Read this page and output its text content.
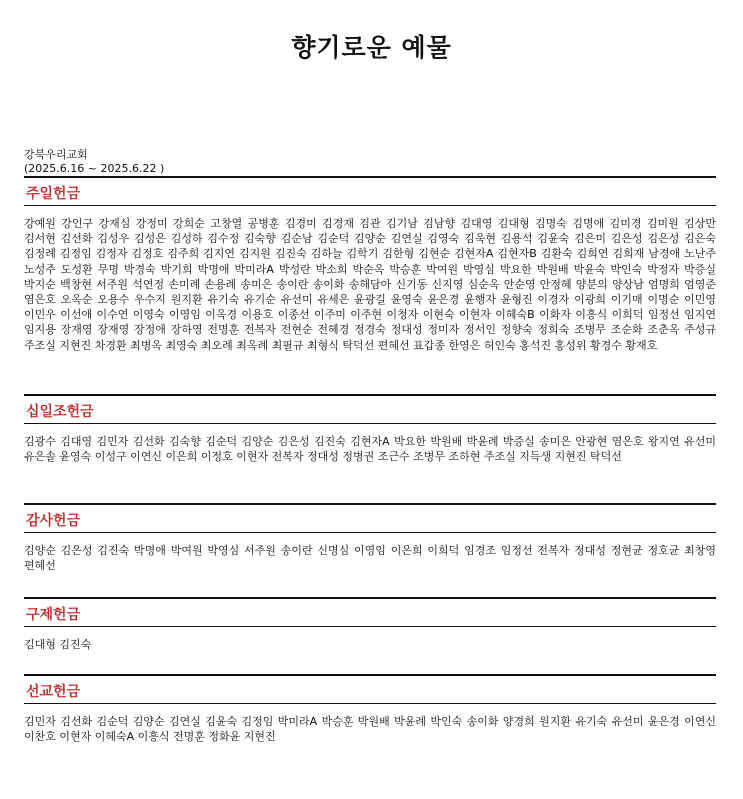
향기로운 예물
강북우리교회
(2025.6.16 ~ 2025.6.22 )
주일헌금
강예원 강인구 강재심 강정미 강희순 고창열 공병훈 김경미 김경재 김관 김기남 김남향 김대영 김대형 김명숙 김명애 김미경 김미원 김상만 김서현 김선화 김성우 김성은 김성하 김수정 김숙향 김순남 김순덕 김양순 김연실 김영숙 김욱현 김용석 김윤숙 김은미 김은성 김은성 김은숙 김정례 김정임 김정자 김정호 김주희 김지연 김지원 김진숙 김하늘 김학기 김한형 김현순 김현자A 김현자B 김환숙 김희연 김희재 남경애 노난주 노성주 도성환 무명 박경숙 박기희 박명애 박미라A 박성란 박소희 박순옥 박승훈 박여원 박영심 박요한 박원배 박윤숙 박인숙 박정자 박증실 박지순 백창현 서주원 석연정 손미례 손용례 송미은 송이란 송이화 송해담아 신기동 신지영 심순옥 안순영 안정혜 양분의 양상남 엄명희 엄영준 염은호 오옥순 오용수 우수지 원지환 유기숙 유기순 유선미 유세은 윤광길 윤영숙 윤은경 윤행자 윤형진 이경자 이광희 이기매 이명순 이민영 이민우 이선애 이수연 이영숙 이영임 이옥경 이용호 이종선 이주미 이주현 이청자 이현숙 이현자 이혜숙B 이화자 이흥식 이희덕 임정선 임지연 임지용 장재영 장재영 장정애 장하영 전명훈 전복자 전현순 전혜경 정경숙 정대성 정미자 정서인 정향숙 정희숙 조병무 조순화 조춘옥 주성규 주조실 지현진 차경환 최병옥 최영숙 최오례 최옥례 최필규 최형식 탁덕선 편혜선 표갑종 한영은 허인숙 홍석진 홍성위 황경수 황재호
십일조헌금
김광수 김대영 김민자 김선화 김숙향 김순덕 김양순 김은성 김진숙 김현자A 박요한 박원배 박윤례 박증실 송미은 안광현 염은호 왕지연 유선미 유은솔 윤영숙 이성구 이연신 이은희 이정호 이현자 전복자 정대성 정병권 조근수 조병무 조하현 주조실 지득생 지현진 탁덕선
감사헌금
김양순 김은성 김진숙 박명애 박여원 박영심 서주원 송이란 신명심 이영임 이은희 이희덕 임경조 임정선 전복자 정대성 정현균 정호균 최창영 편혜선
구제헌금
김대형 김진숙
선교헌금
김민자 김선화 김순덕 김양순 김연실 김윤숙 김정임 박미라A 박승훈 박원배 박윤례 박인숙 송이화 양경희 원지환 유기숙 유선미 윤은경 이연신 이찬호 이현자 이혜숙A 이흥식 전명훈 정화윤 지현진
